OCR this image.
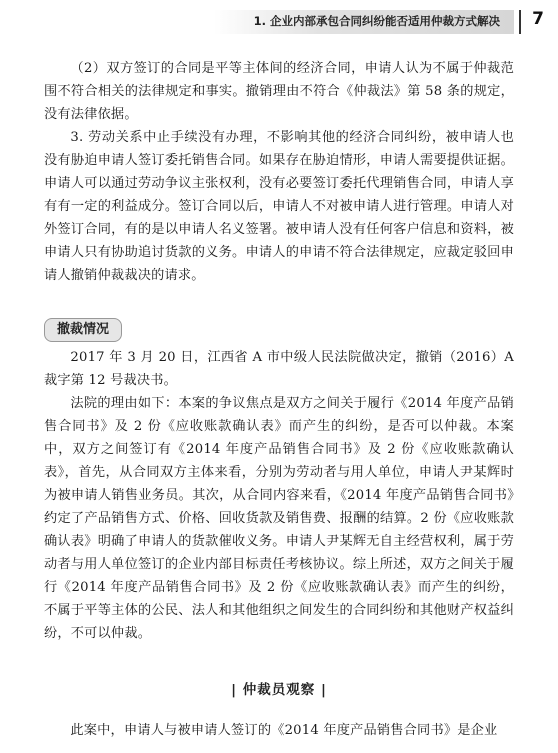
1. 企业内部承包合同纠纷能否适用仲裁方式解决 7

（2）双方签订的合同是平等主体间的经济合同，申请人认为不属于仲裁范围不符合相关的法律规定和事实。撤销理由不符合《仲裁法》第 58 条的规定，没有法律依据。

3. 劳动关系中止手续没有办理，不影响其他的经济合同纠纷，被申请人也没有胁迫申请人签订委托销售合同。如果存在胁迫情形，申请人需要提供证据。申请人可以通过劳动争议主张权利，没有必要签订委托代理销售合同，申请人享有有一定的利益成分。签订合同以后，申请人不对被申请人进行管理。申请人对外签订合同，有的是以申请人名义签署。被申请人没有任何客户信息和资料，被申请人只有协助追讨货款的义务。申请人的申请不符合法律规定，应裁定驳回申请人撤销仲裁裁决的请求。

撤裁情况

2017 年 3 月 20 日，江西省 A 市中级人民法院做决定，撤销（2016）A 裁字第 12 号裁决书。

法院的理由如下：本案的争议焦点是双方之间关于履行《2014 年度产品销售合同书》及 2 份《应收账款确认表》而产生的纠纷，是否可以仲裁。本案中，双方之间签订有《2014 年度产品销售合同书》及 2 份《应收账款确认表》，首先，从合同双方主体来看，分别为劳动者与用人单位，申请人尹某辉时为被申请人销售业务员。其次，从合同内容来看，《2014 年度产品销售合同书》约定了产品销售方式、价格、回收货款及销售费、报酬的结算。2 份《应收账款确认表》明确了申请人的货款催收义务。申请人尹某辉无自主经营权利，属于劳动者与用人单位签订的企业内部目标责任考核协议。综上所述，双方之间关于履行《2014 年度产品销售合同书》及 2 份《应收账款确认表》而产生的纠纷，不属于平等主体的公民、法人和其他组织之间发生的合同纠纷和其他财产权益纠纷，不可以仲裁。

| 仲裁员观察 |

此案中，申请人与被申请人签订的《2014 年度产品销售合同书》是企业
